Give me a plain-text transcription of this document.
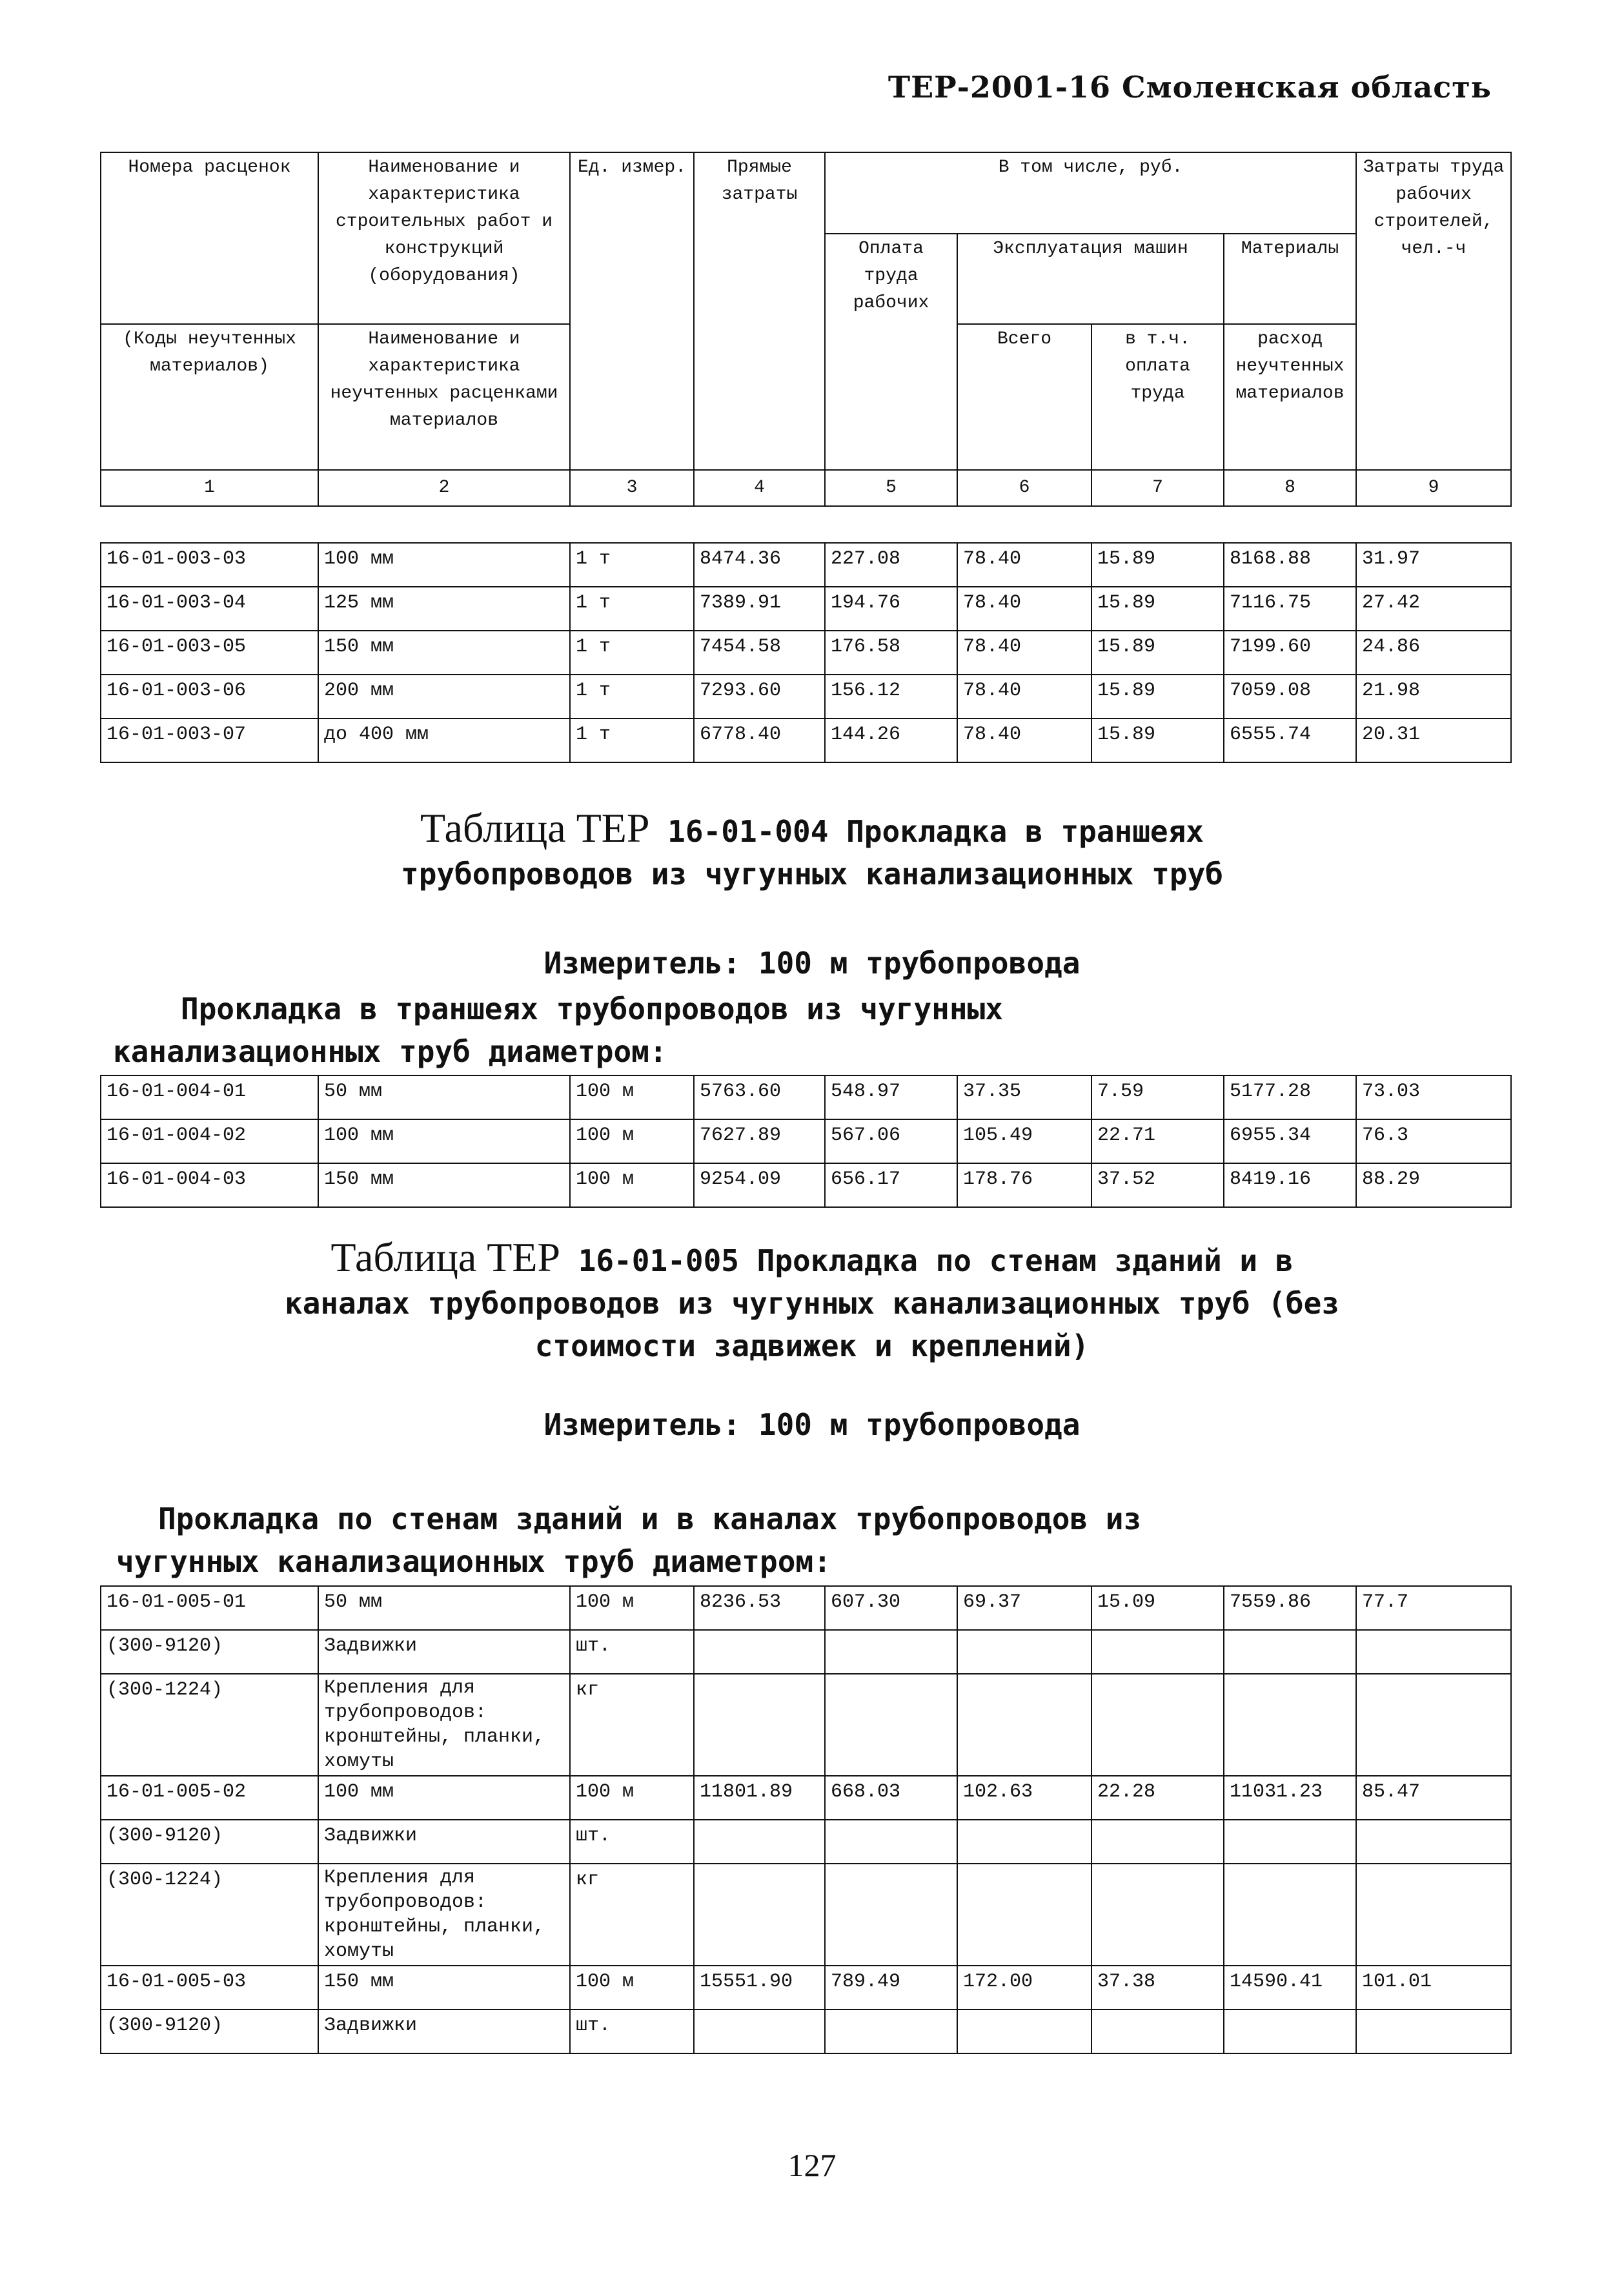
ТЕР-2001-16 Смоленская область
Номера расценок	Наименование и характеристика строительных работ и конструкций (оборудования)	Ед. измер.	Прямые затраты	В том числе, руб.				Затраты труда рабочих строителей, чел.-ч
				Оплата труда рабочих	Эксплуатация машин		Материалы	
(Коды неучтенных материалов)	Наименование и характеристика неучтенных расценками материалов				Всего	в т.ч. оплата труда	расход неучтенных материалов	

1	2	3	4	5	6	7	8	9
16-01-003-03	100 мм	1 т	8474.36	227.08	78.40	15.89	8168.88	31.97
16-01-003-04	125 мм	1 т	7389.91	194.76	78.40	15.89	7116.75	27.42
16-01-003-05	150 мм	1 т	7454.58	176.58	78.40	15.89	7199.60	24.86
16-01-003-06	200 мм	1 т	7293.60	156.12	78.40	15.89	7059.08	21.98
16-01-003-07	до 400 мм	1 т	6778.40	144.26	78.40	15.89	6555.74	20.31
Таблица ТЕР 16-01-004 Прокладка в траншеях
трубопроводов из чугунных канализационных труб
Измеритель: 100 м трубопровода
Прокладка в траншеях трубопроводов из чугунных
канализационных труб диаметром:
16-01-004-01	50 мм	100 м	5763.60	548.97	37.35	7.59	5177.28	73.03
16-01-004-02	100 мм	100 м	7627.89	567.06	105.49	22.71	6955.34	76.3
16-01-004-03	150 мм	100 м	9254.09	656.17	178.76	37.52	8419.16	88.29
Таблица ТЕР 16-01-005 Прокладка по стенам зданий и в
каналах трубопроводов из чугунных канализационных труб (без
стоимости задвижек и креплений)
Измеритель: 100 м трубопровода
Прокладка по стенам зданий и в каналах трубопроводов из
чугунных канализационных труб диаметром:
16-01-005-01	50 мм	100 м	8236.53	607.30	69.37	15.09	7559.86	77.7
(300-9120)	Задвижки	шт.						
(300-1224)	Крепления для трубопроводов: кронштейны, планки, хомуты	кг						
16-01-005-02	100 мм	100 м	11801.89	668.03	102.63	22.28	11031.23	85.47
(300-9120)	Задвижки	шт.						
(300-1224)	Крепления для трубопроводов: кронштейны, планки, хомуты	кг						
16-01-005-03	150 мм	100 м	15551.90	789.49	172.00	37.38	14590.41	101.01
(300-9120)	Задвижки	шт.						
127
